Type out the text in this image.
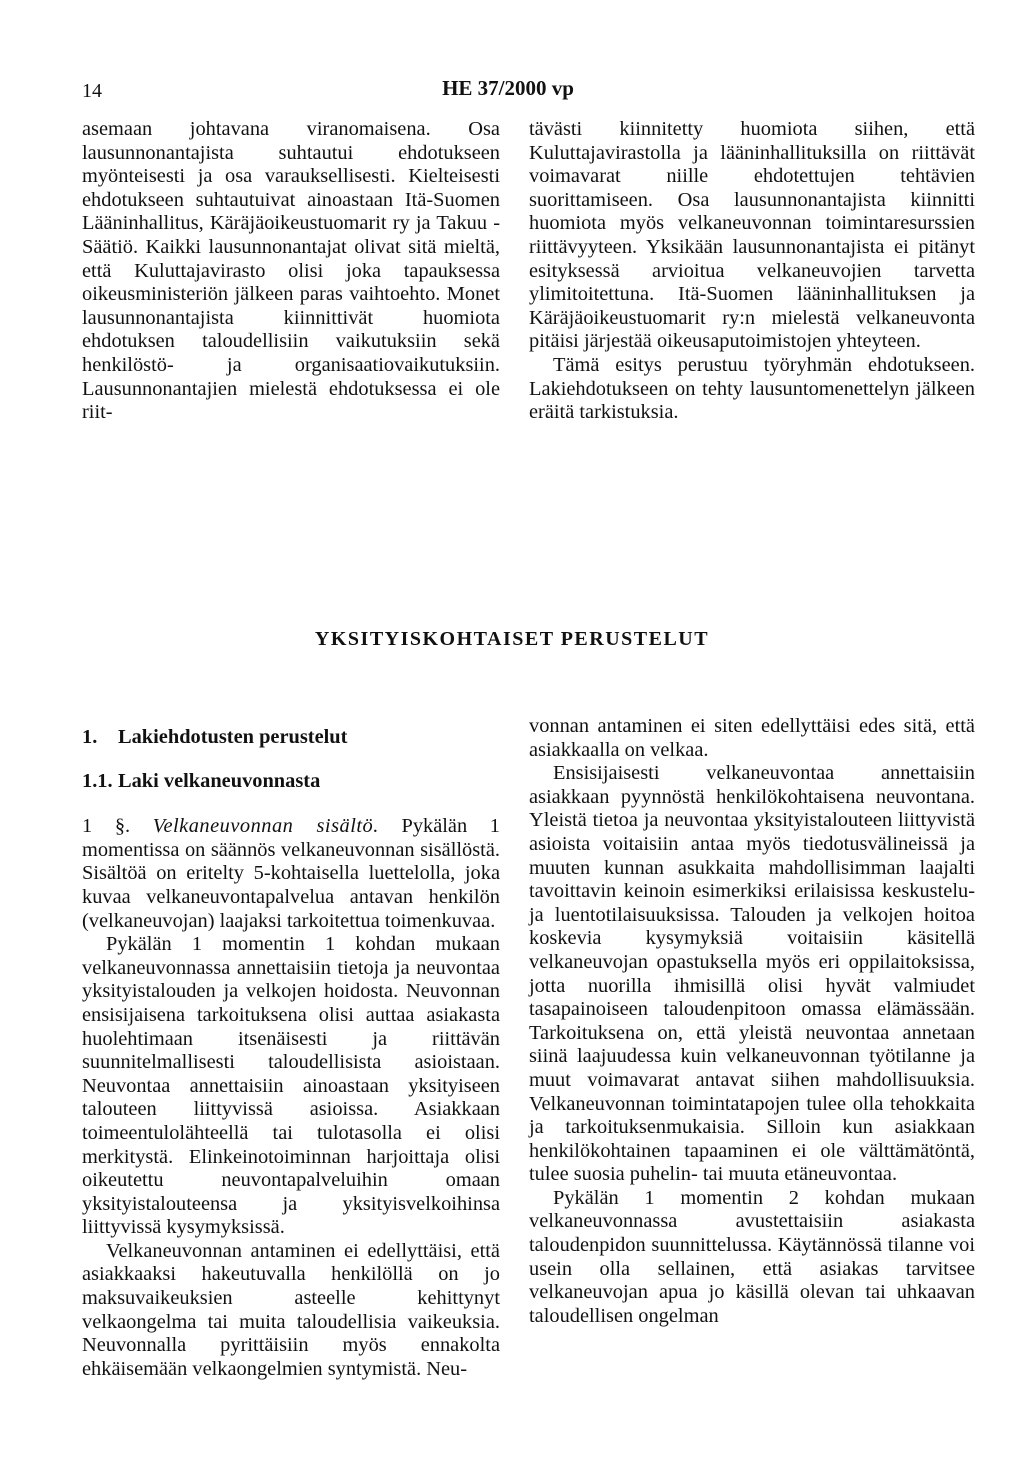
14	HE 37/2000 vp

asemaan johtavana viranomaisena. Osa lausunnonantajista suhtautui ehdotukseen myönteisesti ja osa varauksellisesti. Kielteisesti ehdotukseen suhtautuivat ainoastaan Itä-Suomen Lääninhallitus, Käräjäoikeustuomarit ry ja Takuu - Säätiö. Kaikki lausunnonantajat olivat sitä mieltä, että Kuluttajavirasto olisi joka tapauksessa oikeusministeriön jälkeen paras vaihtoehto. Monet lausunnonantajista kiinnittivät huomiota ehdotuksen taloudellisiin vaikutuksiin sekä henkilöstö- ja organisaatiovaikutuksiin. Lausunnonantajien mielestä ehdotuksessa ei ole riit-

tävästi kiinnitetty huomiota siihen, että Kuluttajavirastolla ja lääninhallituksilla on riittävät voimavarat niille ehdotettujen tehtävien suorittamiseen. Osa lausunnonantajista kiinnitti huomiota myös velkaneuvonnan toimintaresurssien riittävyyteen. Yksikään lausunnonantajista ei pitänyt esityksessä arvioitua velkaneuvojien tarvetta ylimitoitettuna. Itä-Suomen lääninhallituksen ja Käräjäoikeustuomarit ry:n mielestä velkaneuvonta pitäisi järjestää oikeusaputoimistojen yhteyteen.

Tämä esitys perustuu työryhmän ehdotukseen. Lakiehdotukseen on tehty lausuntomenettelyn jälkeen eräitä tarkistuksia.

YKSITYISKOHTAISET PERUSTELUT

1. Lakiehdotusten perustelut

1.1. Laki velkaneuvonnasta

1 §. Velkaneuvonnan sisältö. Pykälän 1 momentissa on säännös velkaneuvonnan sisällöstä. Sisältöä on eritelty 5-kohtaisella luettelolla, joka kuvaa velkaneuvontapalvelua antavan henkilön (velkaneuvojan) laajaksi tarkoitettua toimenkuvaa.

Pykälän 1 momentin 1 kohdan mukaan velkaneuvonnassa annettaisiin tietoja ja neuvontaa yksityistalouden ja velkojen hoidosta. Neuvonnan ensisijaisena tarkoituksena olisi auttaa asiakasta huolehtimaan itsenäisesti ja riittävän suunnitelmallisesti taloudellisista asioistaan. Neuvontaa annettaisiin ainoastaan yksityiseen talouteen liittyvissä asioissa. Asiakkaan toimeentulolähteellä tai tulotasolla ei olisi merkitystä. Elinkeinotoiminnan harjoittaja olisi oikeutettu neuvontapalveluihin omaan yksityistalouteensa ja yksityisvelkoihinsa liittyvissä kysymyksissä.

Velkaneuvonnan antaminen ei edellyttäisi, että asiakkaaksi hakeutuvalla henkilöllä on jo maksuvaikeuksien asteelle kehittynyt velkaongelma tai muita taloudellisia vaikeuksia. Neuvonnalla pyrittäisiin myös ennakolta ehkäisemään velkaongelmien syntymistä. Neu-

vonnan antaminen ei siten edellyttäisi edes sitä, että asiakkaalla on velkaa.

Ensisijaisesti velkaneuvontaa annettaisiin asiakkaan pyynnöstä henkilökohtaisena neuvontana. Yleistä tietoa ja neuvontaa yksityistalouteen liittyvistä asioista voitaisiin antaa myös tiedotusvälineissä ja muuten kunnan asukkaita mahdollisimman laajalti tavoittavin keinoin esimerkiksi erilaisissa keskustelu- ja luentotilaisuuksissa. Talouden ja velkojen hoitoa koskevia kysymyksiä voitaisiin käsitellä velkaneuvojan opastuksella myös eri oppilaitoksissa, jotta nuorilla ihmisillä olisi hyvät valmiudet tasapainoiseen taloudenpitoon omassa elämässään. Tarkoituksena on, että yleistä neuvontaa annetaan siinä laajuudessa kuin velkaneuvonnan työtilanne ja muut voimavarat antavat siihen mahdollisuuksia. Velkaneuvonnan toimintatapojen tulee olla tehokkaita ja tarkoituksenmukaisia. Silloin kun asiakkaan henkilökohtainen tapaaminen ei ole välttämätöntä, tulee suosia puhelin- tai muuta etäneuvontaa.

Pykälän 1 momentin 2 kohdan mukaan velkaneuvonnassa avustettaisiin asiakasta taloudenpidon suunnittelussa. Käytännössä tilanne voi usein olla sellainen, että asiakas tarvitsee velkaneuvojan apua jo käsillä olevan tai uhkaavan taloudellisen ongelman
